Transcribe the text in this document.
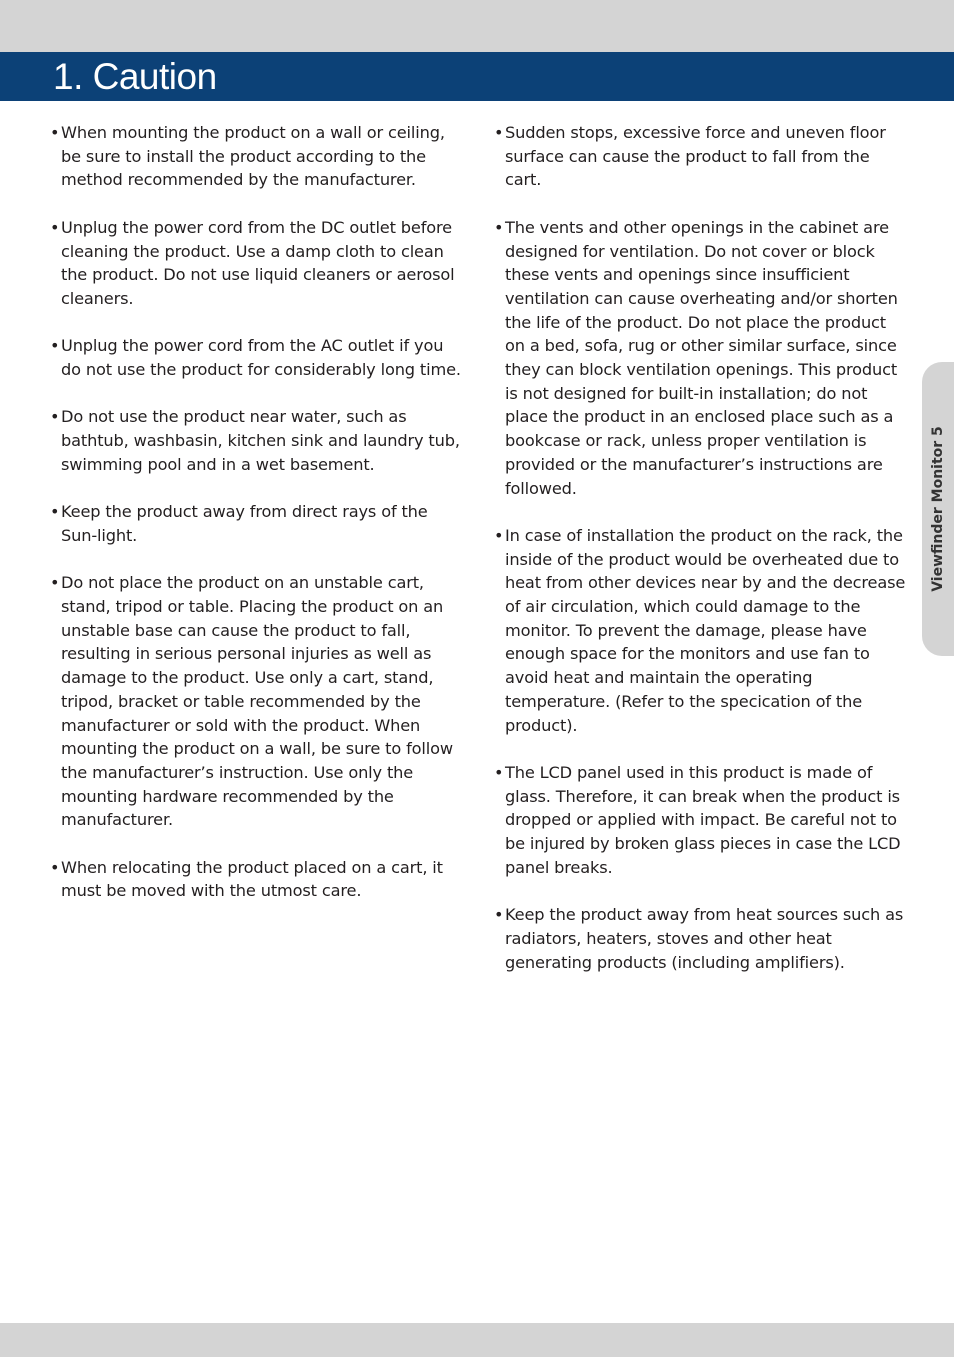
1. Caution
• When mounting the product on a wall or ceiling, be sure to install the product according to the method recommended by the manufacturer.
• Unplug the power cord from the DC outlet before cleaning the product. Use a damp cloth to clean the product. Do not use liquid cleaners or aerosol cleaners.
• Unplug the power cord from the AC outlet if you do not use the product for considerably long time.
• Do not use the product near water, such as bathtub, washbasin, kitchen sink and laundry tub, swimming pool and in a wet basement.
• Keep the product away from direct rays of the Sun-light.
• Do not place the product on an unstable cart, stand, tripod or table. Placing the product on an unstable base can cause the product to fall, resulting in serious personal injuries as well as damage to the product. Use only a cart, stand, tripod, bracket or table recommended by the manufacturer or sold with the product. When mounting the product on a wall, be sure to follow the manufacturer’s instruction. Use only the mounting hardware recommended by the manufacturer.
• When relocating the product placed on a cart, it must be moved with the utmost care.
• Sudden stops, excessive force and uneven floor surface can cause the product to fall from the cart.
• The vents and other openings in the cabinet are designed for ventilation. Do not cover or block these vents and openings since insufficient ventilation can cause overheating and/or shorten the life of the product. Do not place the product on a bed, sofa, rug or other similar surface, since they can block ventilation openings. This product is not designed for built-in installation; do not place the product in an enclosed place such as a bookcase or rack, unless proper ventilation is provided or the manufacturer’s instructions are followed.
• In case of installation the product on the rack, the inside of the product would be overheated due to heat from other devices near by and the decrease of air circulation, which could damage to the monitor. To prevent the damage, please have enough space for the monitors and use fan to avoid heat and maintain the operating temperature. (Refer to the specication of the product).
• The LCD panel used in this product is made of glass. Therefore, it can break when the product is dropped or applied with impact. Be careful not to be injured by broken glass pieces in case the LCD panel breaks.
• Keep the product away from heat sources such as radiators, heaters, stoves and other heat generating products (including amplifiers).
Viewfinder Monitor 5
